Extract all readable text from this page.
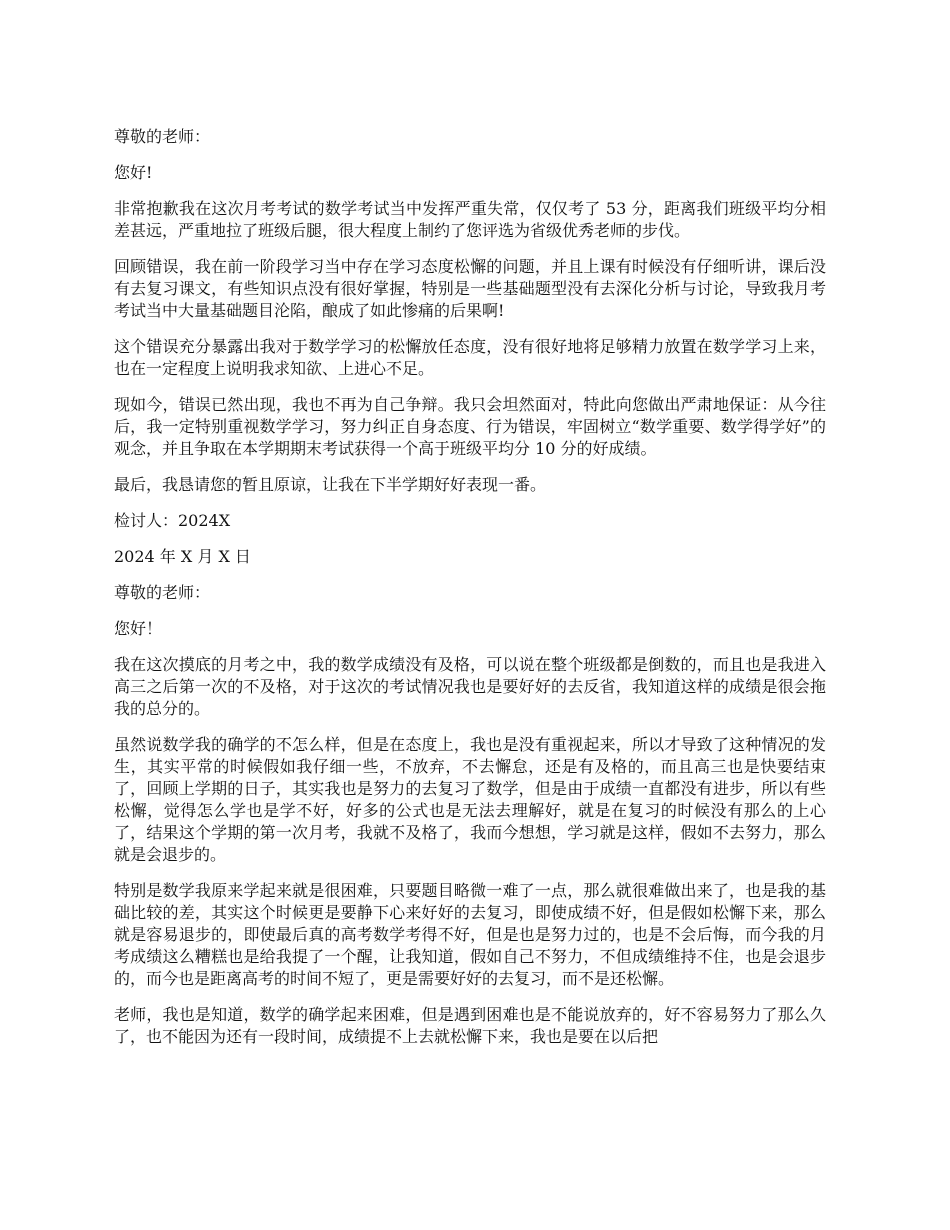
尊敬的老师：

您好!

非常抱歉我在这次月考考试的数学考试当中发挥严重失常，仅仅考了 53 分，距离我们班级平均分相差甚远，严重地拉了班级后腿，很大程度上制约了您评选为省级优秀老师的步伐。

回顾错误，我在前一阶段学习当中存在学习态度松懈的问题，并且上课有时候没有仔细听讲，课后没有去复习课文，有些知识点没有很好掌握，特别是一些基础题型没有去深化分析与讨论，导致我月考考试当中大量基础题目沦陷，酿成了如此惨痛的后果啊!

这个错误充分暴露出我对于数学学习的松懈放任态度，没有很好地将足够精力放置在数学学习上来，也在一定程度上说明我求知欲、上进心不足。

现如今，错误已然出现，我也不再为自己争辩。我只会坦然面对，特此向您做出严肃地保证：从今往后，我一定特别重视数学学习，努力纠正自身态度、行为错误，牢固树立“数学重要、数学得学好”的观念，并且争取在本学期期末考试获得一个高于班级平均分 10 分的好成绩。

最后，我恳请您的暂且原谅，让我在下半学期好好表现一番。

检讨人：2024X

2024 年 X 月 X 日

尊敬的老师：

您好！

我在这次摸底的月考之中，我的数学成绩没有及格，可以说在整个班级都是倒数的，而且也是我进入高三之后第一次的不及格，对于这次的考试情况我也是要好好的去反省，我知道这样的成绩是很会拖我的总分的。

虽然说数学我的确学的不怎么样，但是在态度上，我也是没有重视起来，所以才导致了这种情况的发生，其实平常的时候假如我仔细一些，不放弃，不去懈怠，还是有及格的，而且高三也是快要结束了，回顾上学期的日子，其实我也是努力的去复习了数学，但是由于成绩一直都没有进步，所以有些松懈，觉得怎么学也是学不好，好多的公式也是无法去理解好，就是在复习的时候没有那么的上心了，结果这个学期的第一次月考，我就不及格了，我而今想想，学习就是这样，假如不去努力，那么就是会退步的。

特别是数学我原来学起来就是很困难，只要题目略微一难了一点，那么就很难做出来了，也是我的基础比较的差，其实这个时候更是要静下心来好好的去复习，即使成绩不好，但是假如松懈下来，那么就是容易退步的，即使最后真的高考数学考得不好，但是也是努力过的，也是不会后悔，而今我的月考成绩这么糟糕也是给我提了一个醒，让我知道，假如自己不努力，不但成绩维持不住，也是会退步的，而今也是距离高考的时间不短了，更是需要好好的去复习，而不是还松懈。

老师，我也是知道，数学的确学起来困难，但是遇到困难也是不能说放弃的，好不容易努力了那么久了，也不能因为还有一段时间，成绩提不上去就松懈下来，我也是要在以后把
